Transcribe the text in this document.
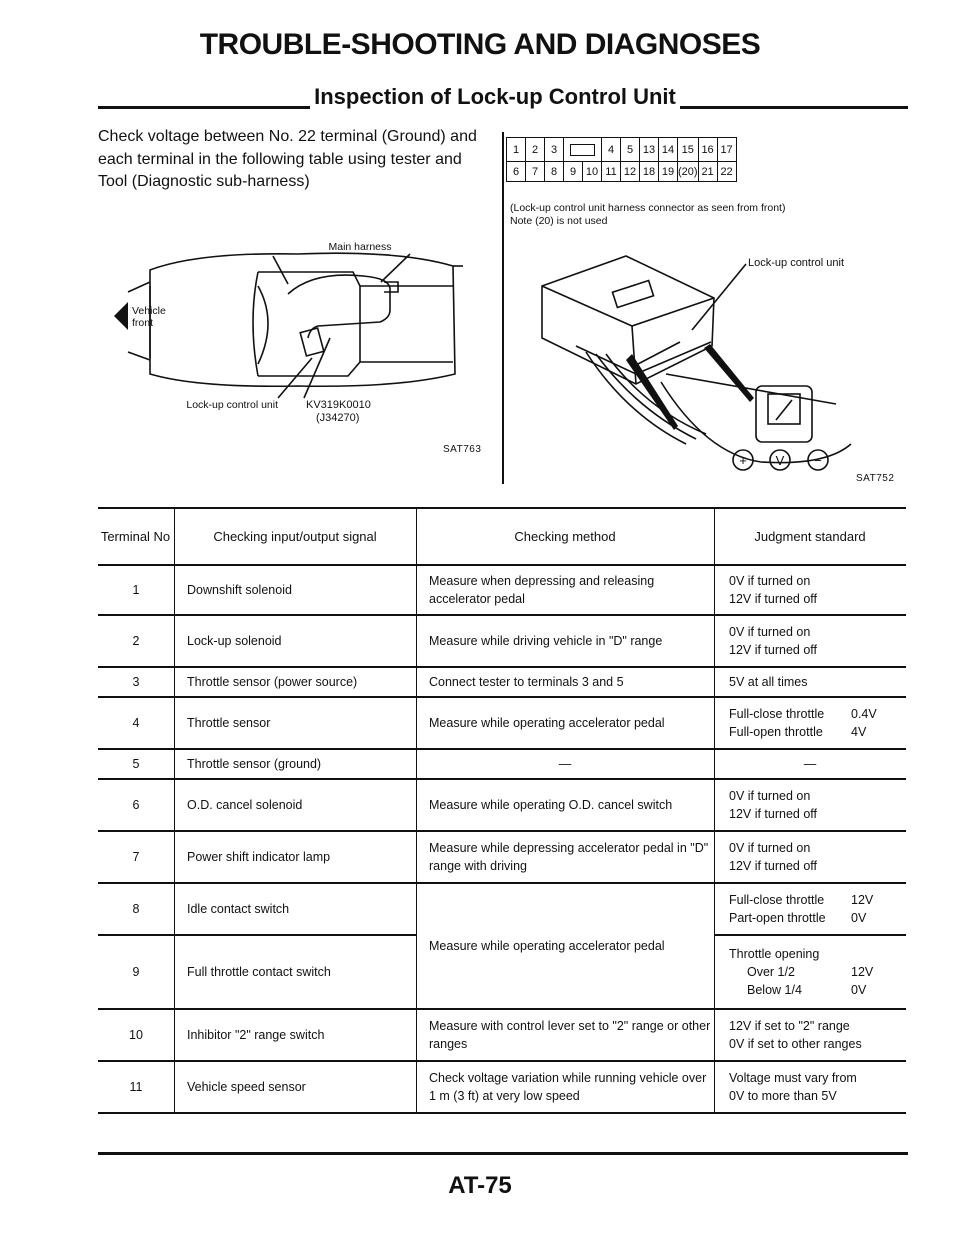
TROUBLE-SHOOTING AND DIAGNOSES
Inspection of Lock-up Control Unit
Check voltage between No. 22 terminal (Ground) and each terminal in the following table using tester and Tool (Diagnostic sub-harness)
Vehicle
front
Main harness
Lock-up control unit	KV319K0010
(J34270)
SAT763
1	2	3			4	5	13	14	15	16	17
6	7	8	9	10	11	12	18	19	(20)	21	22
(Lock-up control unit harness connector as seen from front)
Note (20) is not used
Lock-up control unit
+ V −
SAT752
Terminal No	Checking input/output signal	Checking method	Judgment standard
1	Downshift solenoid	Measure when depressing and releasing accelerator pedal	0V if turned on
12V if turned off

2	Lock-up solenoid	Measure while driving vehicle in "D" range	0V if turned on
12V if turned off

3	Throttle sensor (power source)	Connect tester to terminals 3 and 5	5V at all times

4	Throttle sensor	Measure while operating accelerator pedal	Full-close throttle 0.4V
Full-open throttle 4V

5	Throttle sensor (ground)	—	—
6	O.D. cancel solenoid	Measure while operating O.D. cancel switch	0V if turned on
12V if turned off

7	Power shift indicator lamp	Measure while depressing accelerator pedal in "D" range with driving	0V if turned on
12V if turned off

8	Idle contact switch	Measure while operating accelerator pedal	Full-close throttle 12V
Part-open throttle 0V

9	Full throttle contact switch		Throttle opening
Over 1/2 12V
Below 1/4 0V

10	Inhibitor "2" range switch	Measure with control lever set to "2" range or other ranges	12V if set to "2" range
0V if set to other ranges

11	Vehicle speed sensor	Check voltage variation while running vehicle over 1 m (3 ft) at very low speed	Voltage must vary from
0V to more than 5V
AT-75
